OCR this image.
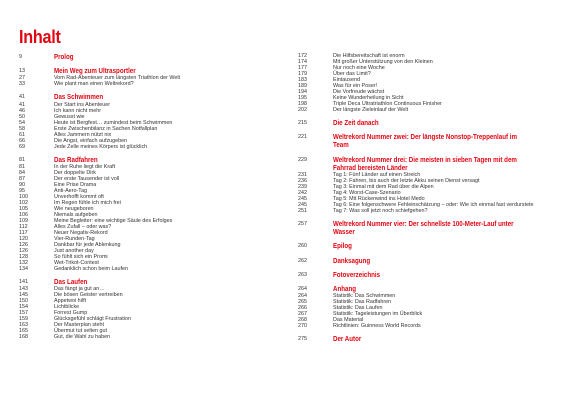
Inhalt
9	Prolog
13	Mein Weg zum Ultrasportler
27	Vom Rad-Abenteuer zum längsten Triathlon der Welt
33	Wie plant man einen Weltrekord?
41	Das Schwimmen
41	Der Start ins Abenteuer
46	Ich kann nicht mehr
50	Gewusst wie
54	Heute ist Bergfest… zumindest beim Schwimmen
58	Erste Zwischenbilanz in Sachen Notfallplan
61	Alles Jammern nützt nix
66	Die Angst, einfach aufzugeben
69	Jede Zelle meines Körpers ist glücklich
81	Das Radfahren
81	In der Ruhe liegt die Kraft
84	Der doppelte Dirk
87	Der erste Tausender ist voll
90	Eine Prise Drama
95	Anti-Aero-Tag
100	Unverhofft kommt oft
102	Im Regen fühle ich mich frei
105	Wie neugeboren
106	Niemals aufgeben
109	Meine Begleiter: eine wichtige Säule des Erfolges
112	Alles Zufall – oder was?
117	Neuer Negativ-Rekord
120	Vier-Runden-Tag
126	Dankbar für jede Ablenkung
126	Just another day
128	So fühlt sich ein Promi
132	Wet-Trikot-Contest
134	Gedanklich schon beim Laufen
141	Das Laufen
143	Das fängt ja gut an…
145	Die bösen Geister vertreiben
150	Appetwoi hilft
154	Lichtblicke
157	Forrest Gump
159	Glücksgefühl schlägt Frustration
163	Der Masterplan steht
165	Übermut tut selten gut
168	Gut, die Wahl zu haben
172	Die Hilfsbereitschaft ist enorm
174	Mit großer Unterstützung von den Kleinen
177	Nur noch eine Woche
179	Über das Limit?
183	Eintausend
189	Was für ein Poser!
194	Die Vorfreude wächst
195	Keine Wunderheilung in Sicht
198	Triple Deca Ultratriathlon Continuous Finisher
202	Der längste Zieleinlauf der Welt
215	Die Zeit danach
221	Weltrekord Nummer zwei: Der längste Nonstop-Treppenlauf im Team
229	Weltrekord Nummer drei: Die meisten in sieben Tagen mit dem Fahrrad bereisten Länder
231	Tag 1: Fünf Länder auf einen Streich
236	Tag 2: Fahren, bis auch der letzte Akku seinen Dienst versagt
239	Tag 3: Einmal mit dem Rad über die Alpen
242	Tag 4: Worst-Case-Szenario
245	Tag 5: Mit Rückenwind ins Hotel Medo
245	Tag 6: Eine folgenschwere Fehleinschätzung – oder: Wie ich einmal fast verdurstete
251	Tag 7: Was soll jetzt noch schiefgehen?
257	Weltrekord Nummer vier: Der schnellste 100-Meter-Lauf unter Wasser
260	Epilog
262	Danksagung
263	Fotoverzeichnis
264	Anhang
264	Statistik: Das Schwimmen
265	Statistik: Das Radfahren
266	Statistik: Das Laufen
267	Statistik: Tageleistungen im Überblick
268	Das Material
270	Richtlinien: Guinness World Records
275	Der Autor
